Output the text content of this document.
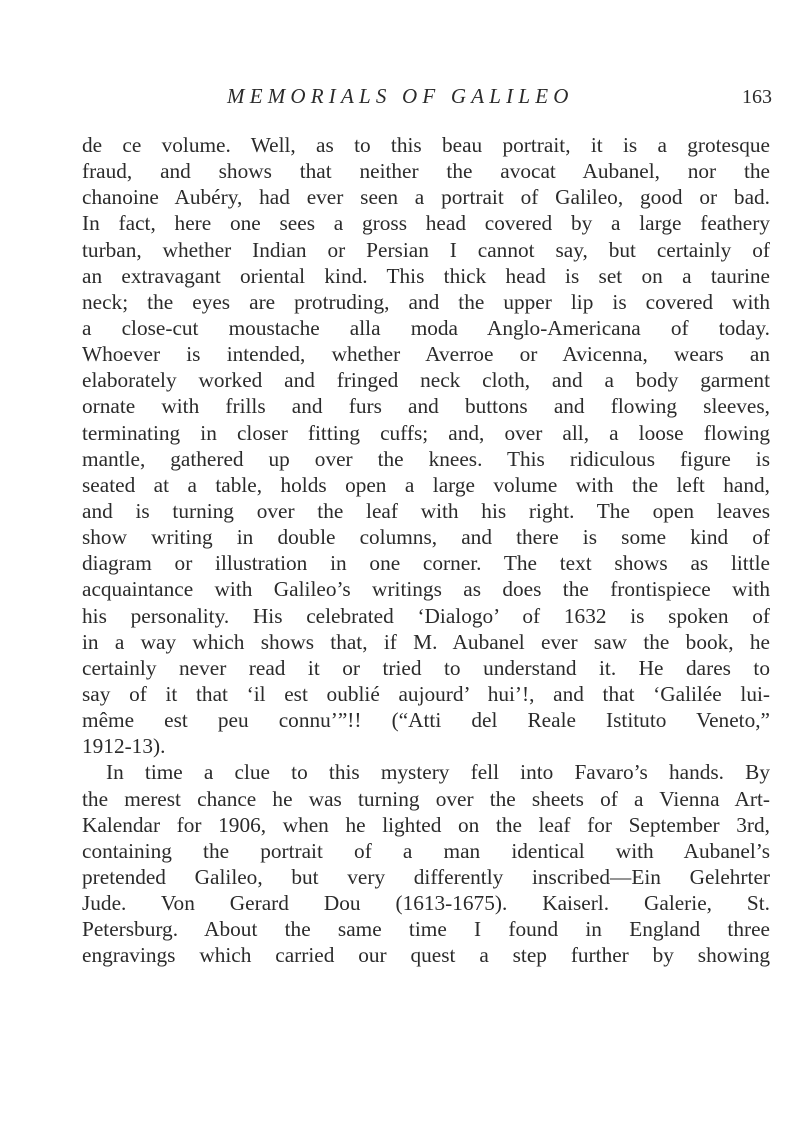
MEMORIALS OF GALILEO	163
de ce volume. Well, as to this beau portrait, it is a grotesque
fraud, and shows that neither the avocat Aubanel, nor the
chanoine Aubéry, had ever seen a portrait of Galileo, good or bad.
In fact, here one sees a gross head covered by a large feathery
turban, whether Indian or Persian I cannot say, but certainly of
an extravagant oriental kind. This thick head is set on a taurine
neck; the eyes are protruding, and the upper lip is covered with
a close-cut moustache alla moda Anglo-Americana of today.
Whoever is intended, whether Averroe or Avicenna, wears an
elaborately worked and fringed neck cloth, and a body garment
ornate with frills and furs and buttons and flowing sleeves,
terminating in closer fitting cuffs; and, over all, a loose flowing
mantle, gathered up over the knees. This ridiculous figure is
seated at a table, holds open a large volume with the left hand,
and is turning over the leaf with his right. The open leaves
show writing in double columns, and there is some kind of
diagram or illustration in one corner. The text shows as little
acquaintance with Galileo’s writings as does the frontispiece with
his personality. His celebrated ‘Dialogo’ of 1632 is spoken of
in a way which shows that, if M. Aubanel ever saw the book, he
certainly never read it or tried to understand it. He dares to
say of it that ‘il est oublié aujourd’ hui’!, and that ‘Galilée lui-
même est peu connu’”!! (“Atti del Reale Istituto Veneto,”
1912-13).
In time a clue to this mystery fell into Favaro’s hands. By
the merest chance he was turning over the sheets of a Vienna Art-
Kalendar for 1906, when he lighted on the leaf for September 3rd,
containing the portrait of a man identical with Aubanel’s
pretended Galileo, but very differently inscribed—Ein Gelehrter
Jude. Von Gerard Dou (1613-1675). Kaiserl. Galerie, St.
Petersburg. About the same time I found in England three
engravings which carried our quest a step further by showing
